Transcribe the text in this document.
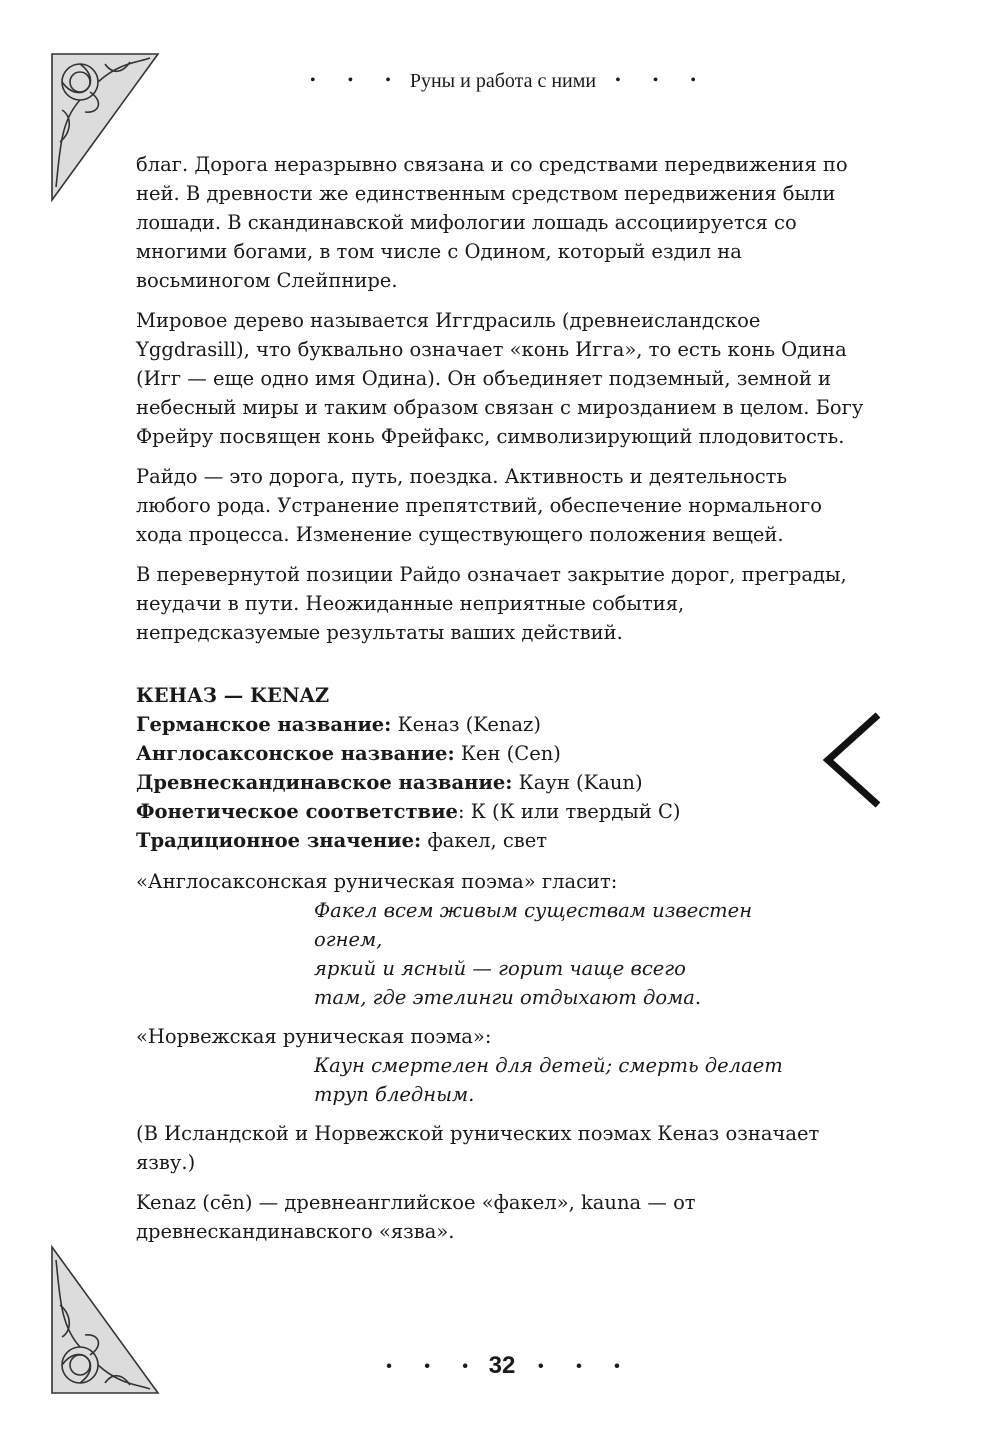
• • • Руны и работа с ними • • •

благ. Дорога неразрывно связана и со средствами передвижения по ней. В древности же единственным средством передвижения были лошади. В скандинавской мифологии лошадь ассоциируется со многими богами, в том числе с Одином, который ездил на восьминогом Слейпнире.

Мировое дерево называется Иггдрасиль (древнеисландское Yggdrasill), что буквально означает «конь Игга», то есть конь Одина (Игг — еще одно имя Одина). Он объединяет подземный, земной и небесный миры и таким образом связан с мирозданием в целом. Богу Фрейру посвящен конь Фрейфакс, символизирующий плодовитость.

Райдо — это дорога, путь, поездка. Активность и деятельность любого рода. Устранение препятствий, обеспечение нормального хода процесса. Изменение существующего положения вещей.

В перевернутой позиции Райдо означает закрытие дорог, преграды, неудачи в пути. Неожиданные неприятные события, непредсказуемые результаты ваших действий.

КЕНАЗ — KENAZ

Германское название: Кеназ (Kenaz)

Англосаксонское название: Кен (Cen)

Древнескандинавское название: Каун (Kaun)

Фонетическое соответствие: К (К или твердый С)

Традиционное значение: факел, свет

«Англосаксонская руническая поэма» гласит:

Факел всем живым существам известен
огнем,
яркий и ясный — горит чаще всего
там, где этелинги отдыхают дома.

«Норвежская руническая поэма»:

Каун смертелен для детей; смерть делает
труп бледным.

(В Исландской и Норвежской рунических поэмах Кеназ означает язву.)

Kenaz (cēn) — древнеанглийское «факел», kauna — от древнескандинавского «язва».

• • • 32 • • •
